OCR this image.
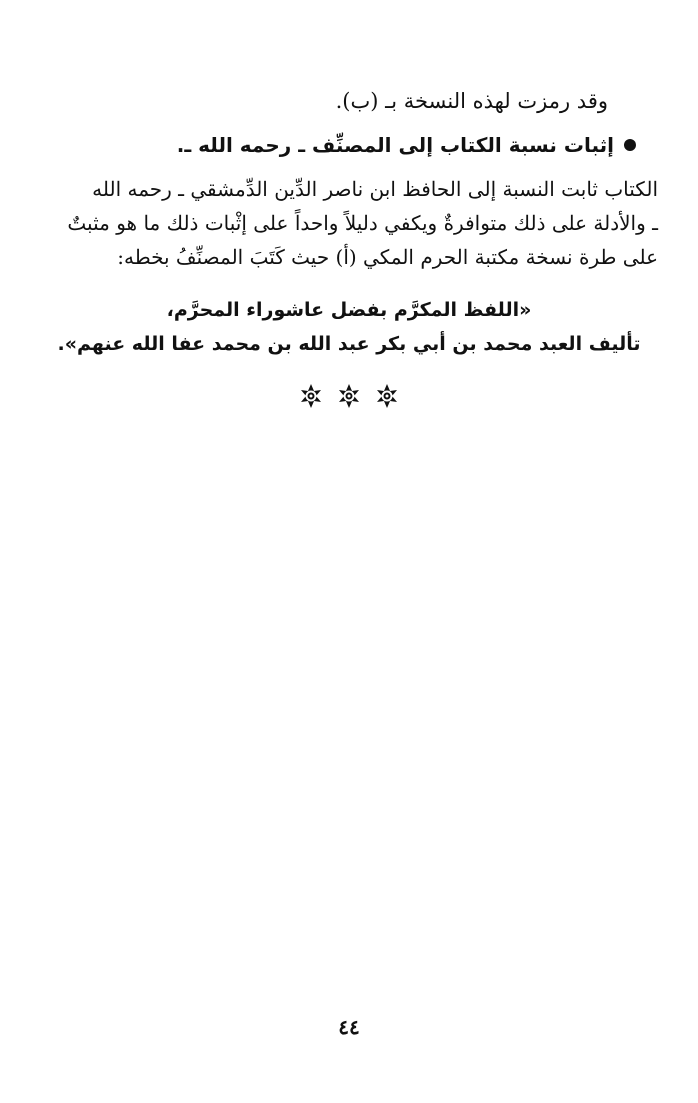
وقد رمزت لهذه النسخة بـ (ب).
إثبات نسبة الكتاب إلى المصنِّف ـ رحمه الله ـ.
الكتاب ثابت النسبة إلى الحافظ ابن ناصر الدِّين الدِّمشقي ـ رحمه الله
ـ والأدلة على ذلك متوافرةٌ ويكفي دليلاً واحداً على إثْبات ذلك ما هو مثبتٌ
على طرة نسخة مكتبة الحرم المكي (أ) حيث كَتَبَ المصنِّفُ بخطه:
«اللفظ المكرَّم بفضل عاشوراء المحرَّم،
تأليف العبد محمد بن أبي بكر عبد الله بن محمد عفا الله عنهم».
٤٤
